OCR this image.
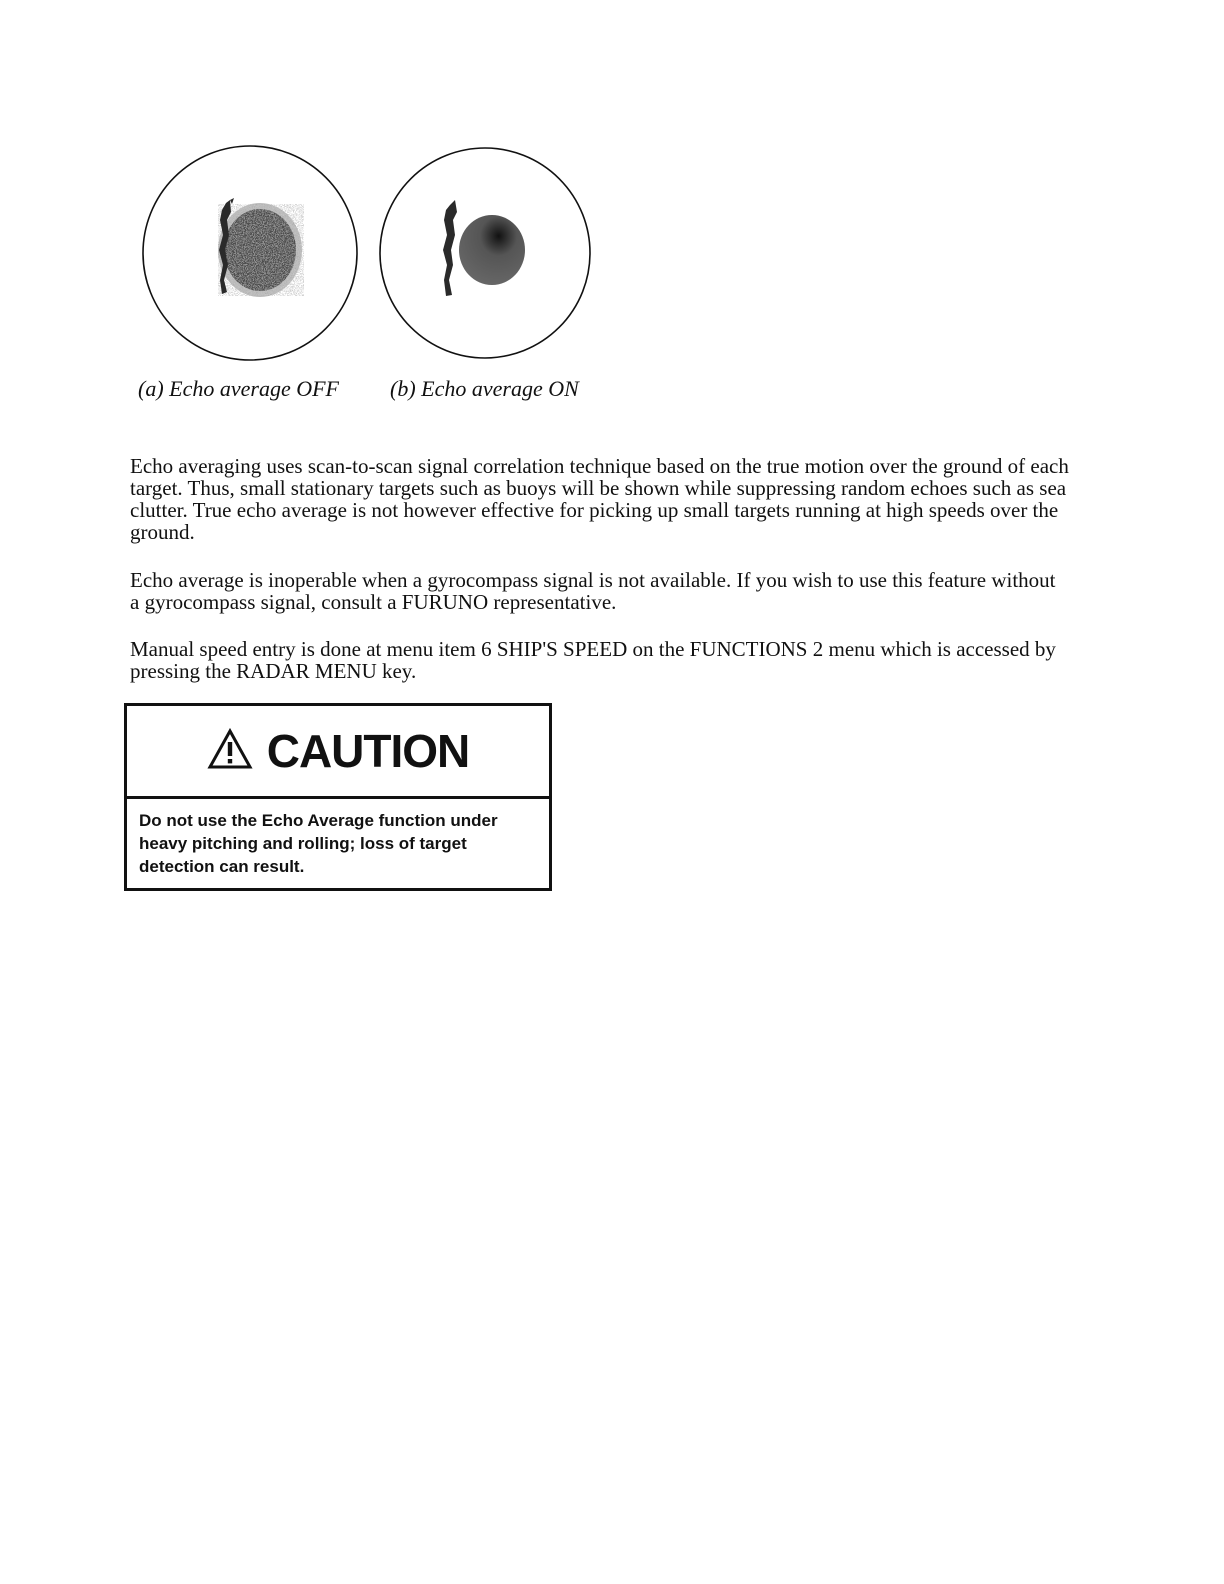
(a) Echo average OFF (b) Echo average ON

Echo averaging uses scan-to-scan signal correlation technique based on the true motion over the ground of each target. Thus, small stationary targets such as buoys will be shown while suppressing random echoes such as sea clutter. True echo average is not however effective for picking up small targets running at high speeds over the ground.

Echo average is inoperable when a gyrocompass signal is not available. If you wish to use this feature without a gyrocompass signal, consult a FURUNO representative.

Manual speed entry is done at menu item 6 SHIP'S SPEED on the FUNCTIONS 2 menu which is accessed by pressing the RADAR MENU key.

CAUTION
Do not use the Echo Average function under heavy pitching and rolling; loss of target detection can result.
